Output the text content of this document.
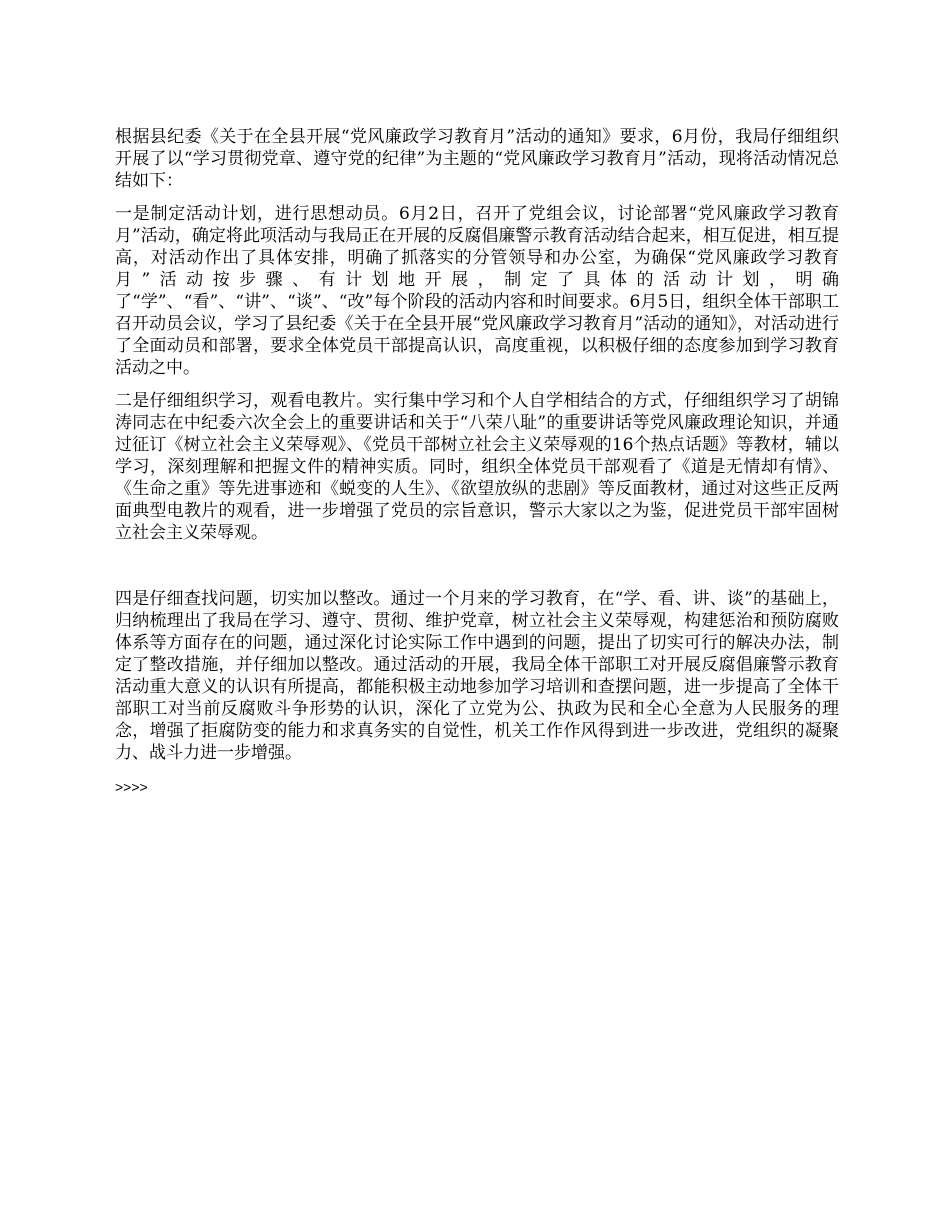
根据县纪委《关于在全县开展“党风廉政学习教育月”活动的通知》要求，6月份，我局仔细组织开展了以“学习贯彻党章、遵守党的纪律”为主题的“党风廉政学习教育月”活动，现将活动情况总结如下：

一是制定活动计划，进行思想动员。6月2日，召开了党组会议，讨论部署“党风廉政学习教育月”活动，确定将此项活动与我局正在开展的反腐倡廉警示教育活动结合起来，相互促进，相互提高，对活动作出了具体安排，明确了抓落实的分管领导和办公室，为确保“党风廉政学习教育月”活动按步骤、有计划地开展，制定了具体的活动计划，明确了“学”、“看”、“讲”、“谈”、“改”每个阶段的活动内容和时间要求。6月5日，组织全体干部职工召开动员会议，学习了县纪委《关于在全县开展“党风廉政学习教育月”活动的通知》，对活动进行了全面动员和部署，要求全体党员干部提高认识，高度重视，以积极仔细的态度参加到学习教育活动之中。

二是仔细组织学习，观看电教片。实行集中学习和个人自学相结合的方式，仔细组织学习了胡锦涛同志在中纪委六次全会上的重要讲话和关于“八荣八耻”的重要讲话等党风廉政理论知识，并通过征订《树立社会主义荣辱观》、《党员干部树立社会主义荣辱观的16个热点话题》等教材，辅以学习，深刻理解和把握文件的精神实质。同时，组织全体党员干部观看了《道是无情却有情》、《生命之重》等先进事迹和《蜕变的人生》、《欲望放纵的悲剧》等反面教材，通过对这些正反两面典型电教片的观看，进一步增强了党员的宗旨意识，警示大家以之为鉴，促进党员干部牢固树立社会主义荣辱观。

四是仔细查找问题，切实加以整改。通过一个月来的学习教育，在“学、看、讲、谈”的基础上，归纳梳理出了我局在学习、遵守、贯彻、维护党章，树立社会主义荣辱观，构建惩治和预防腐败体系等方面存在的问题，通过深化讨论实际工作中遇到的问题，提出了切实可行的解决办法，制定了整改措施，并仔细加以整改。通过活动的开展，我局全体干部职工对开展反腐倡廉警示教育活动重大意义的认识有所提高，都能积极主动地参加学习培训和查摆问题，进一步提高了全体干部职工对当前反腐败斗争形势的认识，深化了立党为公、执政为民和全心全意为人民服务的理念，增强了拒腐防变的能力和求真务实的自觉性，机关工作作风得到进一步改进，党组织的凝聚力、战斗力进一步增强。

>>>>
